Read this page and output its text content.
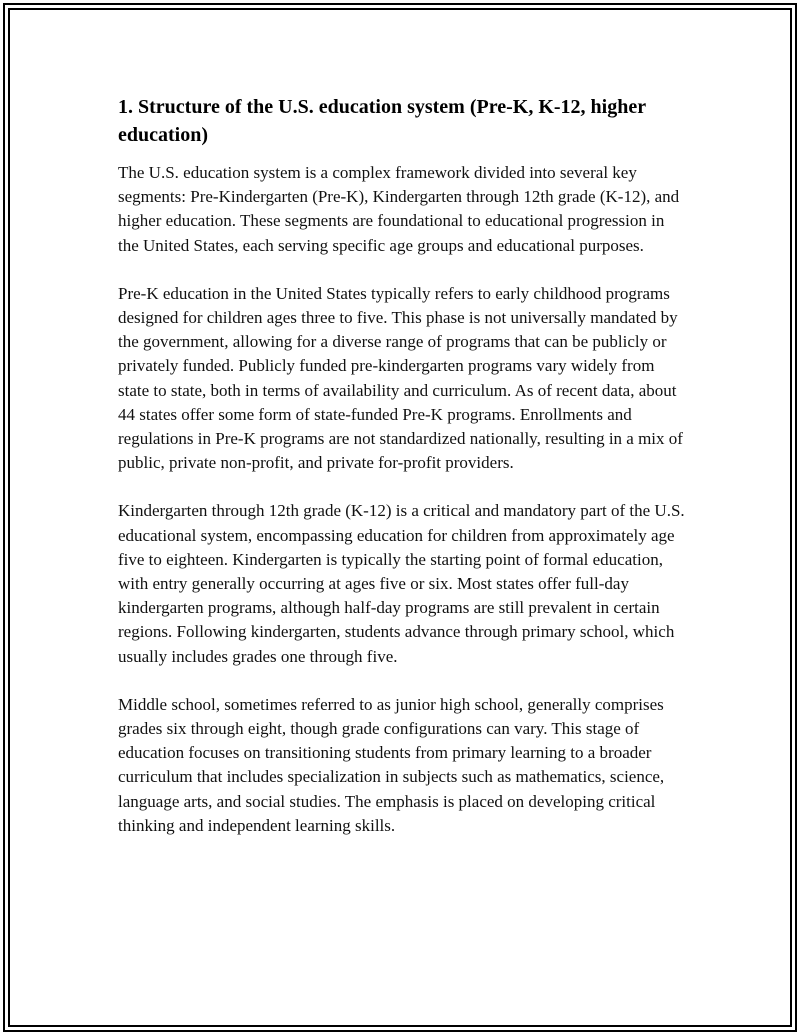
1. Structure of the U.S. education system (Pre-K, K-12, higher education)

The U.S. education system is a complex framework divided into several key segments: Pre-Kindergarten (Pre-K), Kindergarten through 12th grade (K-12), and higher education. These segments are foundational to educational progression in the United States, each serving specific age groups and educational purposes.

Pre-K education in the United States typically refers to early childhood programs designed for children ages three to five. This phase is not universally mandated by the government, allowing for a diverse range of programs that can be publicly or privately funded. Publicly funded pre-kindergarten programs vary widely from state to state, both in terms of availability and curriculum. As of recent data, about 44 states offer some form of state-funded Pre-K programs. Enrollments and regulations in Pre-K programs are not standardized nationally, resulting in a mix of public, private non-profit, and private for-profit providers.

Kindergarten through 12th grade (K-12) is a critical and mandatory part of the U.S. educational system, encompassing education for children from approximately age five to eighteen. Kindergarten is typically the starting point of formal education, with entry generally occurring at ages five or six. Most states offer full-day kindergarten programs, although half-day programs are still prevalent in certain regions. Following kindergarten, students advance through primary school, which usually includes grades one through five.

Middle school, sometimes referred to as junior high school, generally comprises grades six through eight, though grade configurations can vary. This stage of education focuses on transitioning students from primary learning to a broader curriculum that includes specialization in subjects such as mathematics, science, language arts, and social studies. The emphasis is placed on developing critical thinking and independent learning skills.
